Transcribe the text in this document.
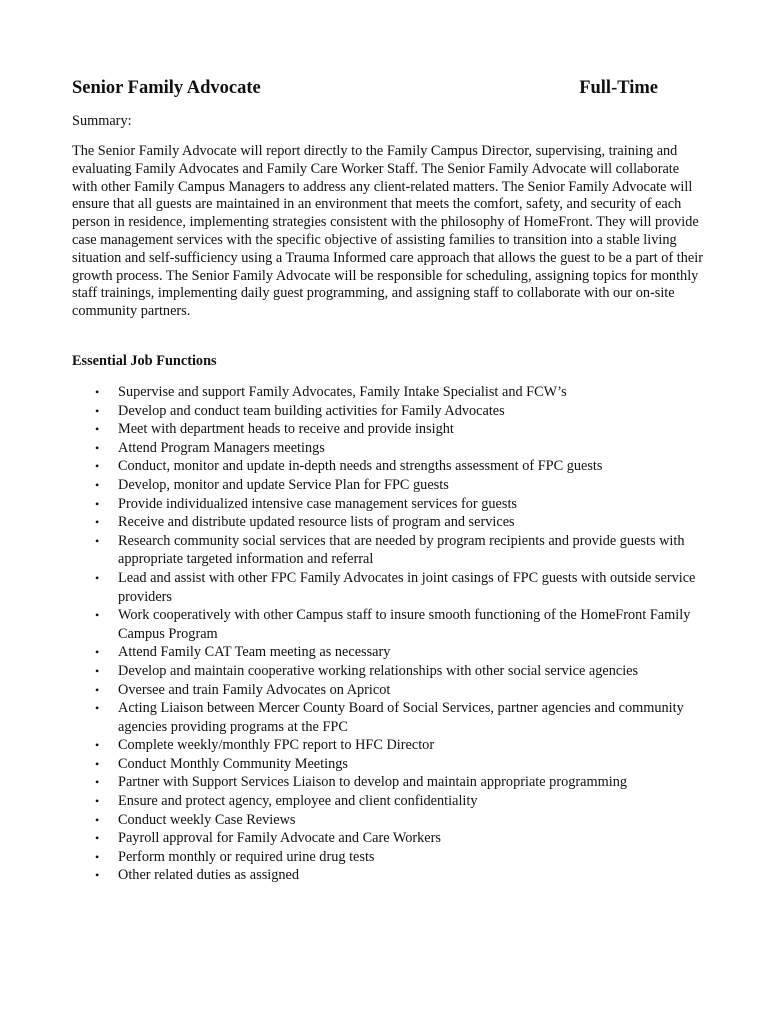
Senior Family Advocate	Full-Time
Summary:

The Senior Family Advocate will report directly to the Family Campus Director, supervising, training and evaluating Family Advocates and Family Care Worker Staff. The Senior Family Advocate will collaborate with other Family Campus Managers to address any client-related matters. The Senior Family Advocate will ensure that all guests are maintained in an environment that meets the comfort, safety, and security of each person in residence, implementing strategies consistent with the philosophy of HomeFront. They will provide case management services with the specific objective of assisting families to transition into a stable living situation and self-sufficiency using a Trauma Informed care approach that allows the guest to be a part of their growth process. The Senior Family Advocate will be responsible for scheduling, assigning topics for monthly staff trainings, implementing daily guest programming, and assigning staff to collaborate with our on-site community partners.

Essential Job Functions
• Supervise and support Family Advocates, Family Intake Specialist and FCW’s
• Develop and conduct team building activities for Family Advocates
• Meet with department heads to receive and provide insight
• Attend Program Managers meetings
• Conduct, monitor and update in-depth needs and strengths assessment of FPC guests
• Develop, monitor and update Service Plan for FPC guests
• Provide individualized intensive case management services for guests
• Receive and distribute updated resource lists of program and services
• Research community social services that are needed by program recipients and provide guests with appropriate targeted information and referral
• Lead and assist with other FPC Family Advocates in joint casings of FPC guests with outside service providers
• Work cooperatively with other Campus staff to insure smooth functioning of the HomeFront Family Campus Program
• Attend Family CAT Team meeting as necessary
• Develop and maintain cooperative working relationships with other social service agencies
• Oversee and train Family Advocates on Apricot
• Acting Liaison between Mercer County Board of Social Services, partner agencies and community agencies providing programs at the FPC
• Complete weekly/monthly FPC report to HFC Director
• Conduct Monthly Community Meetings
• Partner with Support Services Liaison to develop and maintain appropriate programming
• Ensure and protect agency, employee and client confidentiality
• Conduct weekly Case Reviews
• Payroll approval for Family Advocate and Care Workers
• Perform monthly or required urine drug tests
• Other related duties as assigned
